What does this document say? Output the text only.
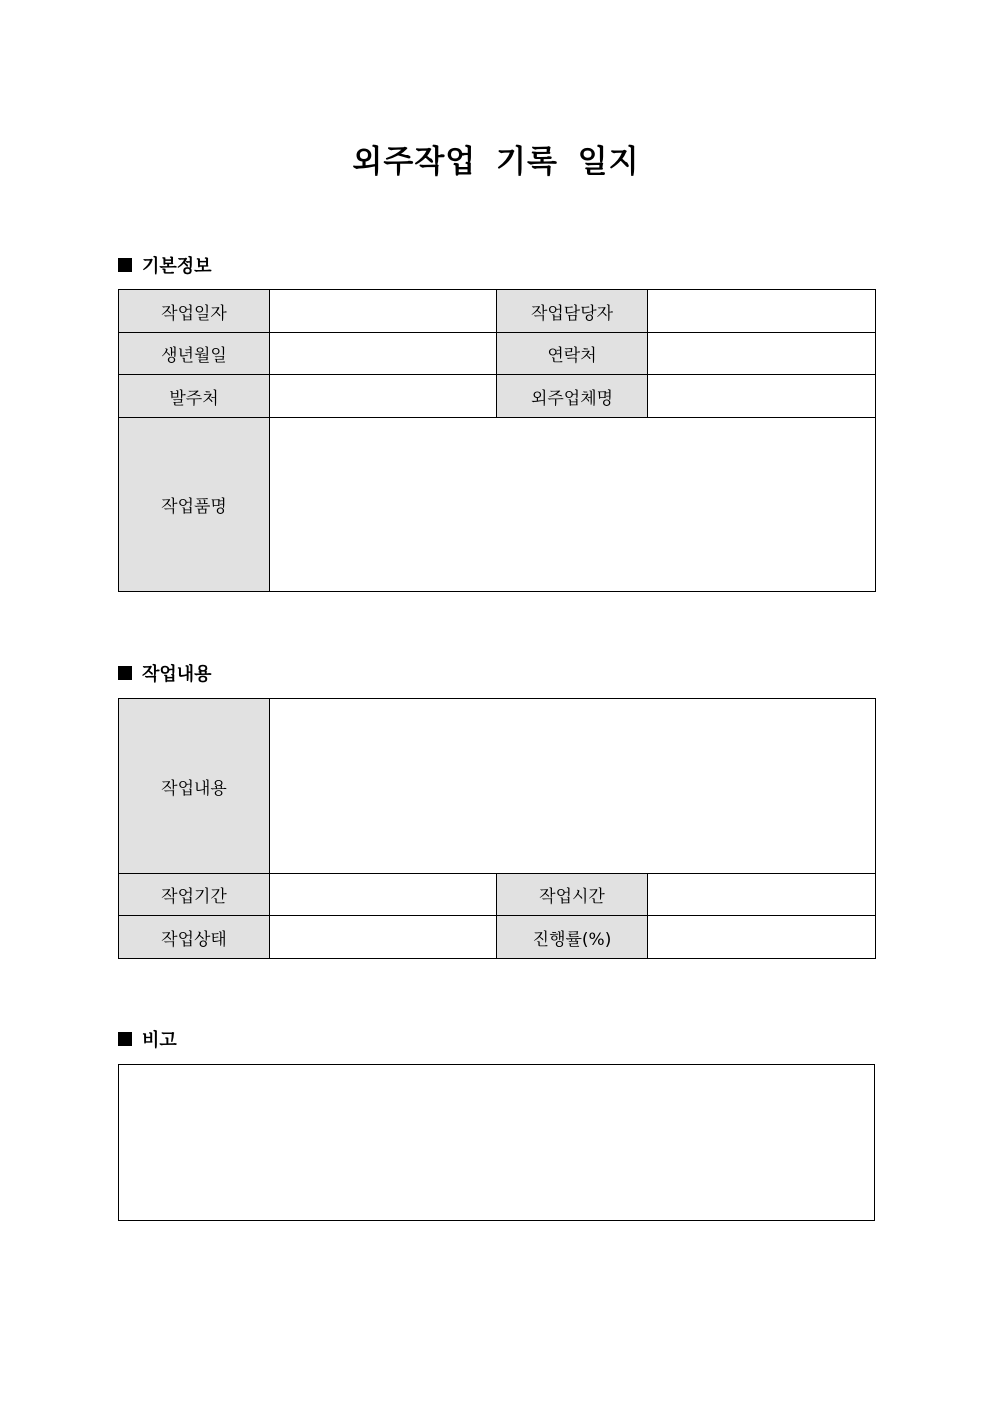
외주작업 기록 일지
기본정보
작업일자		작업담당자	
생년월일		연락처	
발주처		외주업체명	
작업품명			
작업내용
작업내용			
작업기간		작업시간	
작업상태		진행률(%)	
비고
